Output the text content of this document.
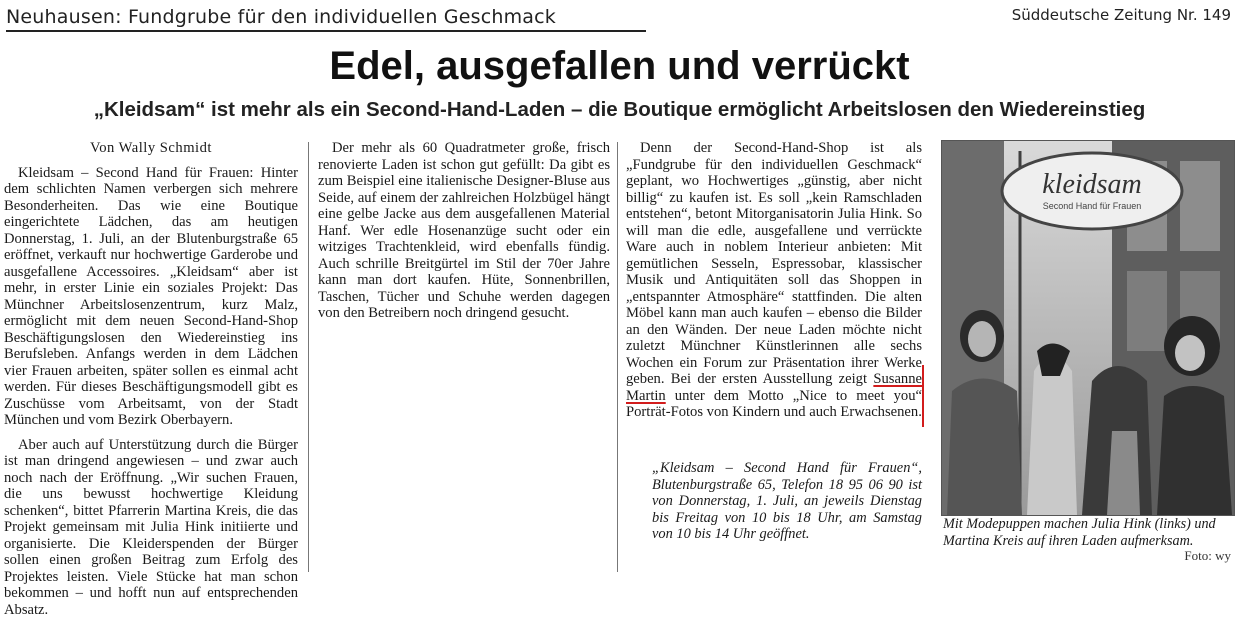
Neuhausen: Fundgrube für den individuellen Geschmack	Süddeutsche Zeitung Nr. 149
Edel, ausgefallen und verrückt
„Kleidsam“ ist mehr als ein Second-Hand-Laden – die Boutique ermöglicht Arbeitslosen den Wiedereinstieg

Von Wally Schmidt

Kleidsam – Second Hand für Frauen: Hinter dem schlichten Namen verbergen sich mehrere Besonderheiten. Das wie eine Boutique eingerichtete Lädchen, das am heutigen Donnerstag, 1. Juli, an der Blutenburgstraße 65 eröffnet, verkauft nur hochwertige Garderobe und ausgefallene Accessoires. „Kleidsam“ aber ist mehr, in erster Linie ein soziales Projekt: Das Münchner Arbeitslosenzentrum, kurz Malz, ermöglicht mit dem neuen Second-Hand-Shop Beschäftigungslosen den Wiedereinstieg ins Berufsleben. Anfangs werden in dem Lädchen vier Frauen arbeiten, später sollen es einmal acht werden. Für dieses Beschäftigungsmodell gibt es Zuschüsse vom Arbeitsamt, von der Stadt München und vom Bezirk Oberbayern.

Aber auch auf Unterstützung durch die Bürger ist man dringend angewiesen – und zwar auch noch nach der Eröffnung. „Wir suchen Frauen, die uns bewusst hochwertige Kleidung schenken“, bittet Pfarrerin Martina Kreis, die das Projekt gemeinsam mit Julia Hink initiierte und organisierte. Die Kleiderspenden der Bürger sollen einen großen Beitrag zum Erfolg des Projektes leisten. Viele Stücke hat man schon bekommen – und hofft nun auf entsprechenden Absatz.

Der mehr als 60 Quadratmeter große, frisch renovierte Laden ist schon gut gefüllt: Da gibt es zum Beispiel eine italienische Designer-Bluse aus Seide, auf einem der zahlreichen Holzbügel hängt eine gelbe Jacke aus dem ausgefallenen Material Hanf. Wer edle Hosenanzüge sucht oder ein witziges Trachtenkleid, wird ebenfalls fündig. Auch schrille Breitgürtel im Stil der 70er Jahre kann man dort kaufen. Hüte, Sonnenbrillen, Taschen, Tücher und Schuhe werden dagegen von den Betreibern noch dringend gesucht.

Denn der Second-Hand-Shop ist als „Fundgrube für den individuellen Geschmack“ geplant, wo Hochwertiges „günstig, aber nicht billig“ zu kaufen ist. Es soll „kein Ramschladen entstehen“, betont Mitorganisatorin Julia Hink. So will man die edle, ausgefallene und verrückte Ware auch in noblem Interieur anbieten: Mit gemütlichen Sesseln, Espressobar, klassischer Musik und Antiquitäten soll das Shoppen in „entspannter Atmosphäre“ stattfinden. Die alten Möbel kann man auch kaufen – ebenso die Bilder an den Wänden. Der neue Laden möchte nicht zuletzt Münchner Künstlerinnen alle sechs Wochen ein Forum zur Präsentation ihrer Werke geben. Bei der ersten Ausstellung zeigt Susanne Martin unter dem Motto „Nice to meet you“ Porträt-Fotos von Kindern und auch Erwachsenen.

„Kleidsam – Second Hand für Frauen“, Blutenburgstraße 65, Telefon 18 95 06 90 ist von Donnerstag, 1. Juli, an jeweils Dienstag bis Freitag von 10 bis 18 Uhr, am Samstag von 10 bis 14 Uhr geöffnet.

kleidsam
Second Hand für Frauen
Mit Modepuppen machen Julia Hink (links) und Martina Kreis auf ihren Laden aufmerksam.
Foto: wy
